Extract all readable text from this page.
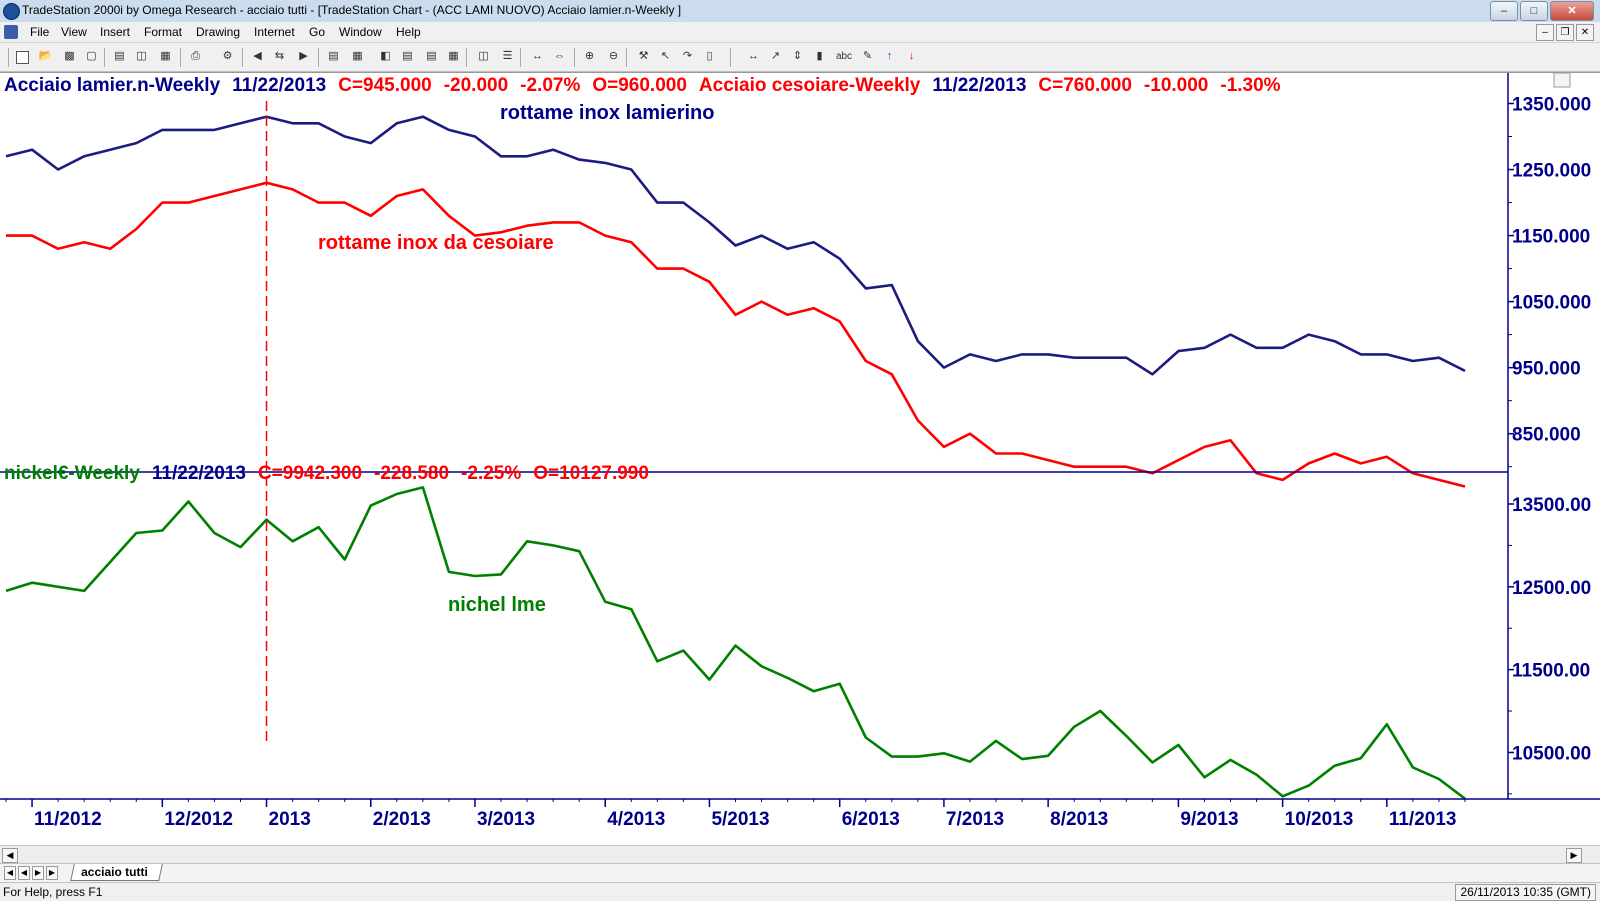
TradeStation 2000i by Omega Research - acciaio tutti - [TradeStation Chart - (ACC LAMI NUOVO) Acciaio lamier.n-Weekly ]	–	□	✕
File View Insert Format Drawing Internet Go Window Help	–	❐	✕
📂 ▩ ▢ ▤ ◫ ▦ ⎙ ⚙ ◀ ⇆ ▶ ▤ ▦ ◧ ▤ ▤ ▦ ◫ ☰ ↔ ⇔ ⊕ ⊖ ⚒ ↖ ↷	▯	↔ ↗ ⇕	▮	abc ✎	↑	↓
1350.000
1250.000
1150.000
1050.000
950.000
850.000
13500.00
12500.00
11500.00
10500.00
11/2012	12/2012 2013	2/2013 3/2013	4/2013 5/2013	6/2013 7/2013 8/2013	9/2013 10/2013 11/2013
Acciaio lamier.n-Weekly 11/22/2013 C=945.000 -20.000 -2.07% O=960.000 Acciaio cesoiare-Weekly 11/22/2013 C=760.000 -10.000 -1.30%
nickel€-Weekly 11/22/2013 C=9942.300 -228.580 -2.25% O=10127.990
rottame inox lamierino
rottame inox da cesoiare
nichel lme
◀	▶
◀ ◀ ▶ ▶	acciaio tutti
For Help, press F1	26/11/2013 10:35 (GMT)
